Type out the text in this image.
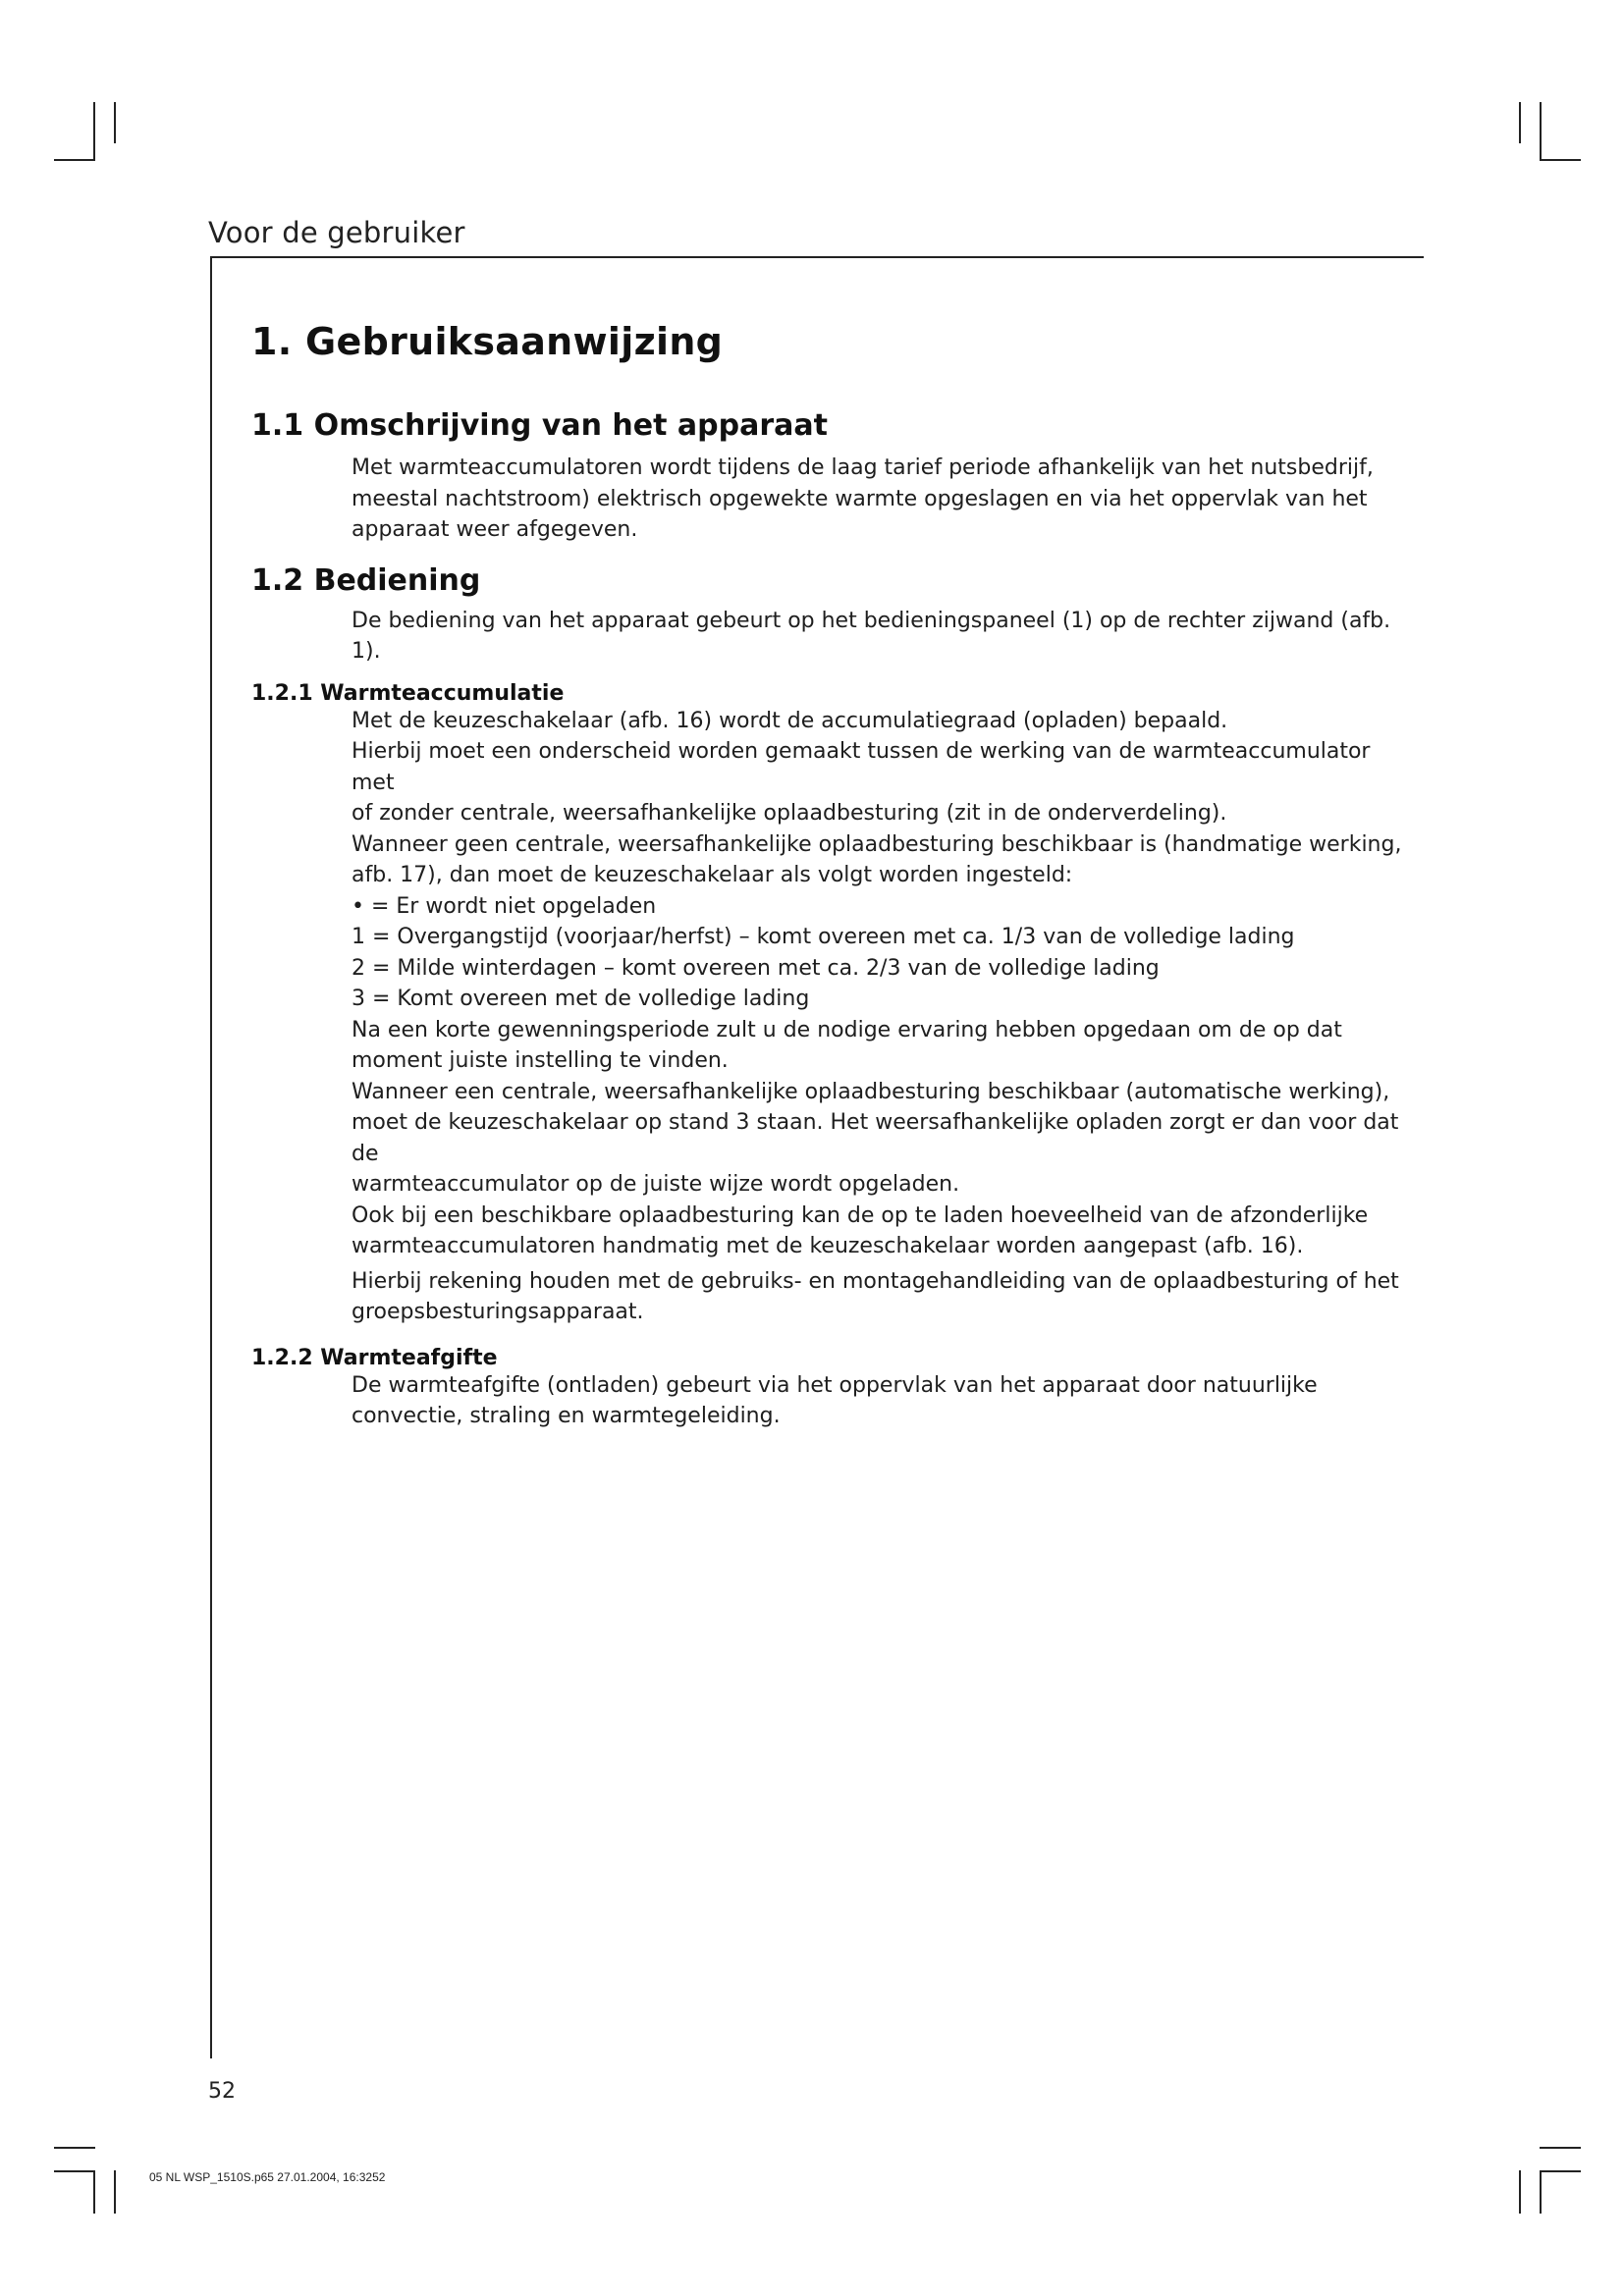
Voor de gebruiker
1. Gebruiksaanwijzing
1.1 Omschrijving van het apparaat
Met warmteaccumulatoren wordt tijdens de laag tarief periode afhankelijk van het nutsbedrijf,
meestal nachtstroom) elektrisch opgewekte warmte opgeslagen en via het oppervlak van het
apparaat weer afgegeven.
1.2 Bediening
De bediening van het apparaat gebeurt op het bedieningspaneel (1) op de rechter zijwand (afb. 1).
1.2.1 Warmteaccumulatie
Met de keuzeschakelaar (afb. 16) wordt de accumulatiegraad (opladen) bepaald.
Hierbij moet een onderscheid worden gemaakt tussen de werking van de warmteaccumulator met
of zonder centrale, weersafhankelijke oplaadbesturing (zit in de onderverdeling).
Wanneer geen centrale, weersafhankelijke oplaadbesturing beschikbaar is (handmatige werking,
afb. 17), dan moet de keuzeschakelaar als volgt worden ingesteld:
• = Er wordt niet opgeladen
1 = Overgangstijd (voorjaar/herfst) – komt overeen met ca. 1/3 van de volledige lading
2 = Milde winterdagen – komt overeen met ca. 2/3 van de volledige lading
3 = Komt overeen met de volledige lading
Na een korte gewenningsperiode zult u de nodige ervaring hebben opgedaan om de op dat
moment juiste instelling te vinden.
Wanneer een centrale, weersafhankelijke oplaadbesturing beschikbaar (automatische werking),
moet de keuzeschakelaar op stand 3 staan. Het weersafhankelijke opladen zorgt er dan voor dat de
warmteaccumulator op de juiste wijze wordt opgeladen.
Ook bij een beschikbare oplaadbesturing kan de op te laden hoeveelheid van de afzonderlijke
warmteaccumulatoren handmatig met de keuzeschakelaar worden aangepast (afb. 16).
Hierbij rekening houden met de gebruiks- en montagehandleiding van de oplaadbesturing of het
groepsbesturingsapparaat.
1.2.2 Warmteafgifte
De warmteafgifte (ontladen) gebeurt via het oppervlak van het apparaat door natuurlijke
convectie, straling en warmtegeleiding.
52
05 NL WSP_1510S.p65 27.01.2004, 16:3252
